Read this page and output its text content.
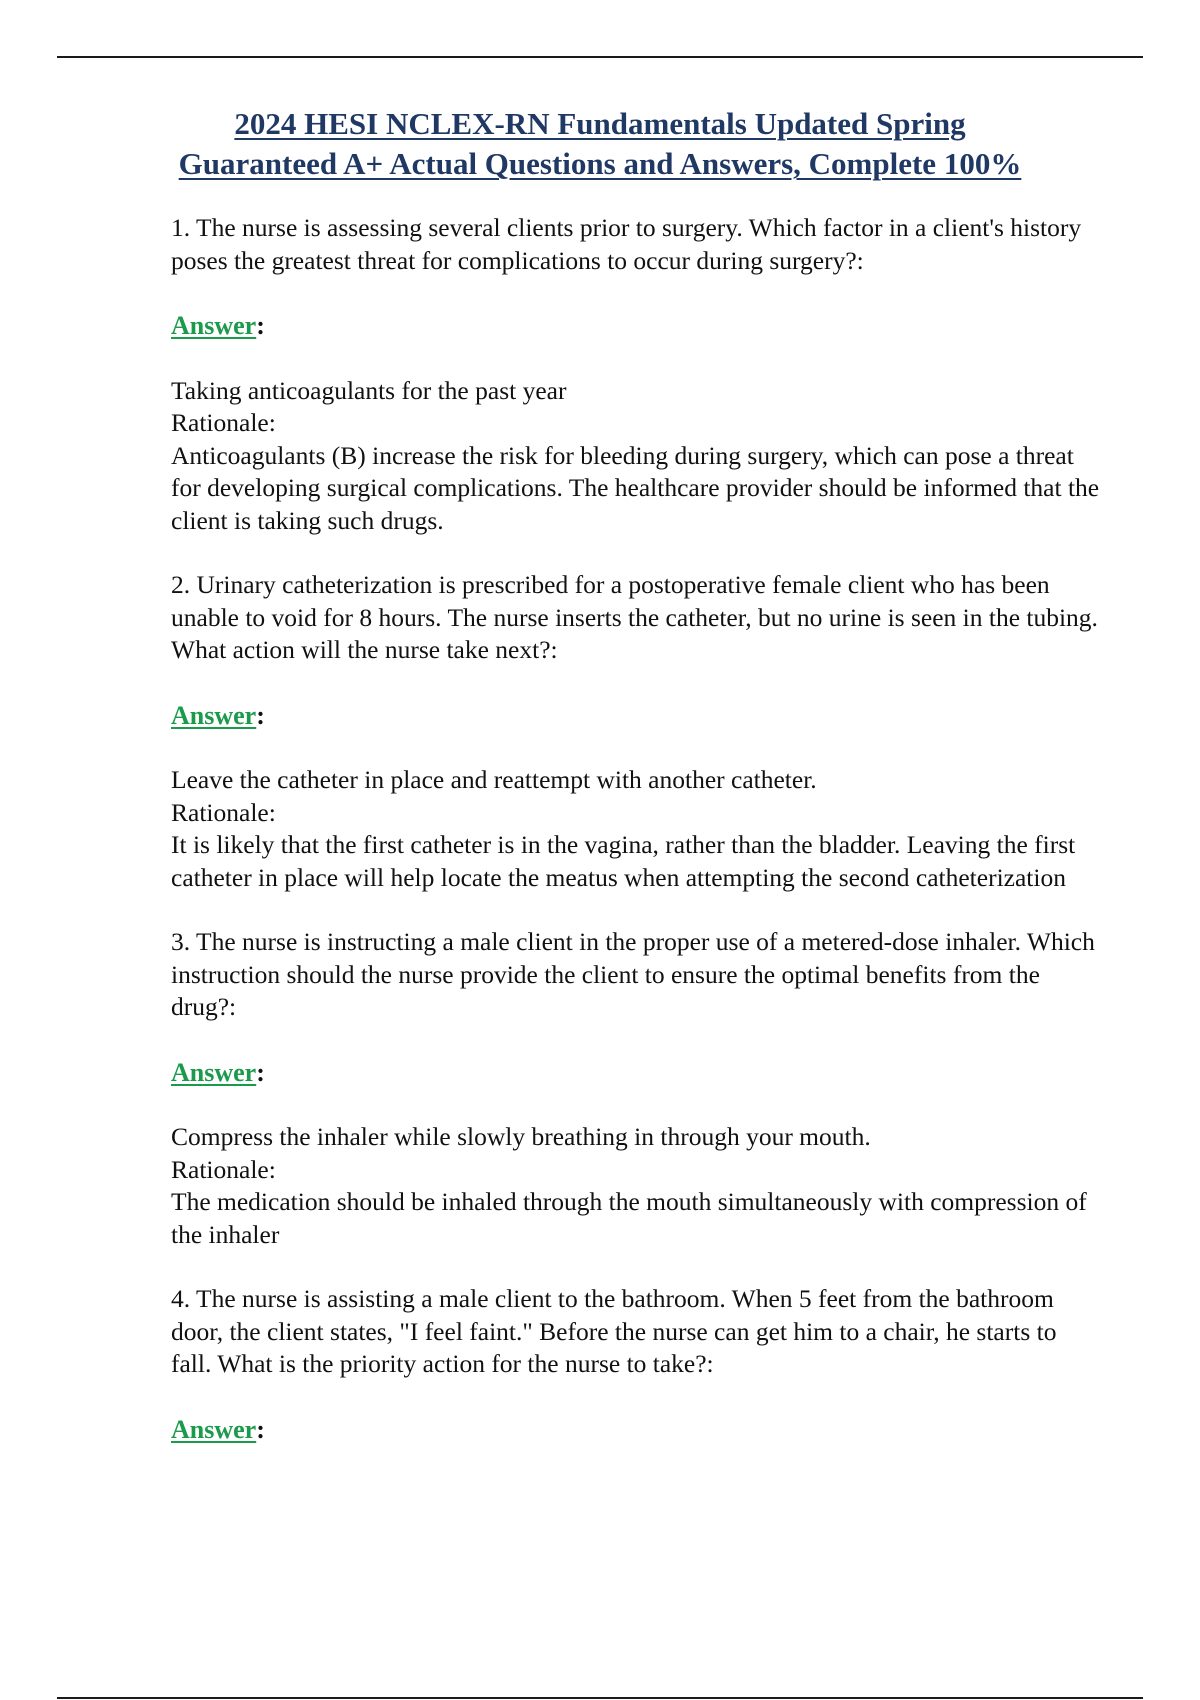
2024 HESI NCLEX-RN Fundamentals Updated Spring
Guaranteed A+ Actual Questions and Answers, Complete 100%

1. The nurse is assessing several clients prior to surgery. Which factor in a client's history poses the greatest threat for complications to occur during surgery?:

Answer:

Taking anticoagulants for the past year

Rationale:

Anticoagulants (B) increase the risk for bleeding during surgery, which can pose a threat for developing surgical complications. The healthcare provider should be informed that the client is taking such drugs.

2. Urinary catheterization is prescribed for a postoperative female client who has been unable to void for 8 hours. The nurse inserts the catheter, but no urine is seen in the tubing. What action will the nurse take next?:

Answer:

Leave the catheter in place and reattempt with another catheter.

Rationale:

It is likely that the first catheter is in the vagina, rather than the bladder. Leaving the first catheter in place will help locate the meatus when attempting the second catheterization

3. The nurse is instructing a male client in the proper use of a metered-dose inhaler. Which instruction should the nurse provide the client to ensure the optimal benefits from the drug?:

Answer:

Compress the inhaler while slowly breathing in through your mouth.

Rationale:

The medication should be inhaled through the mouth simultaneously with compression of the inhaler

4. The nurse is assisting a male client to the bathroom. When 5 feet from the bathroom door, the client states, "I feel faint." Before the nurse can get him to a chair, he starts to fall. What is the priority action for the nurse to take?:

Answer:
